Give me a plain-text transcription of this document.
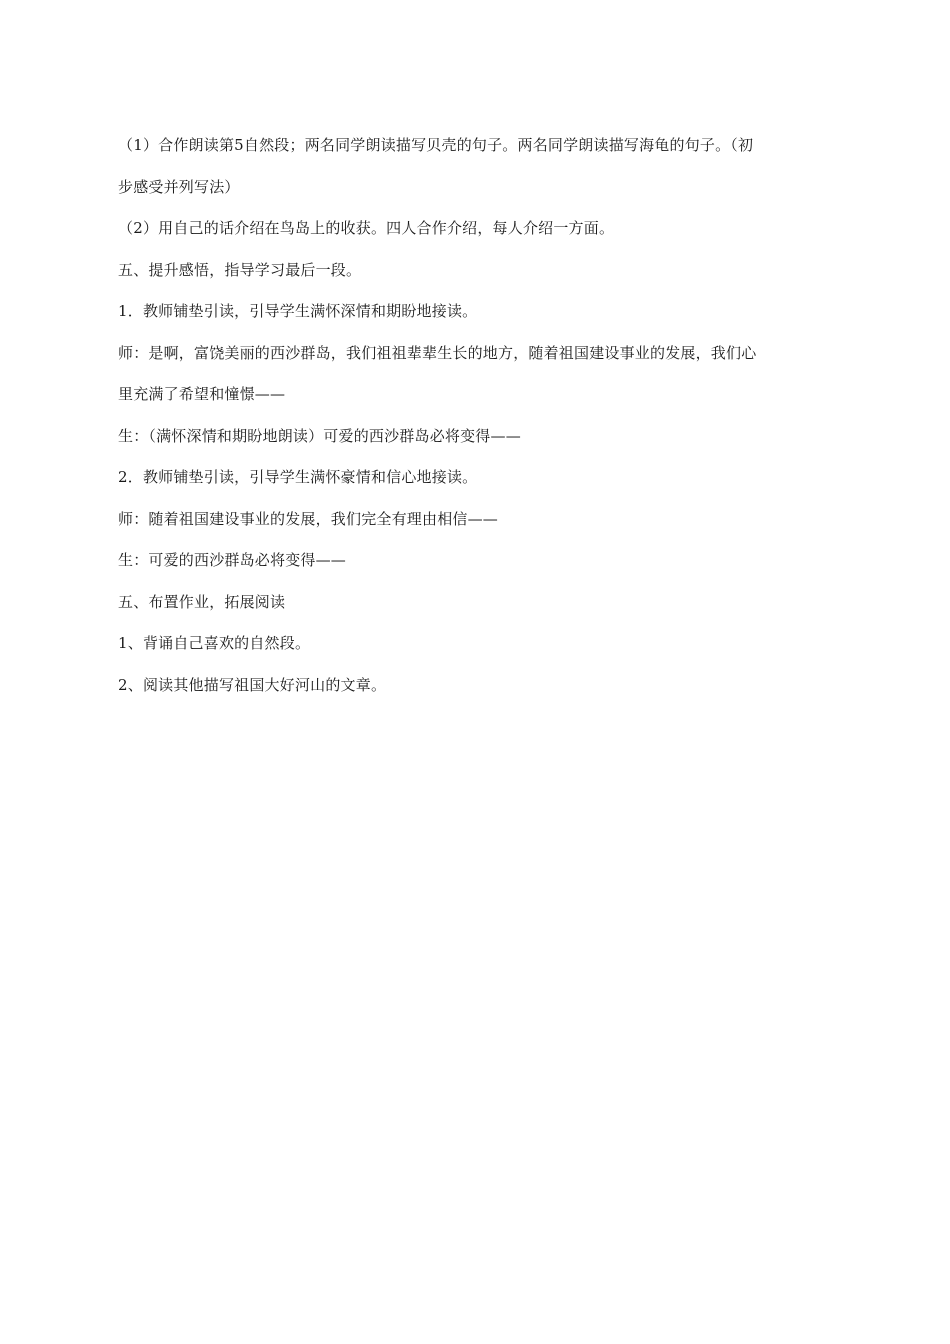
（1）合作朗读第5自然段；两名同学朗读描写贝壳的句子。两名同学朗读描写海龟的句子。（初
步感受并列写法）
（2）用自己的话介绍在鸟岛上的收获。四人合作介绍，每人介绍一方面。
五、提升感悟，指导学习最后一段。
1．教师铺垫引读，引导学生满怀深情和期盼地接读。
师：是啊，富饶美丽的西沙群岛，我们祖祖辈辈生长的地方，随着祖国建设事业的发展，我们心
里充满了希望和憧憬——
生：（满怀深情和期盼地朗读）可爱的西沙群岛必将变得——
2．教师铺垫引读，引导学生满怀豪情和信心地接读。
师：随着祖国建设事业的发展，我们完全有理由相信——
生：可爱的西沙群岛必将变得——
五、布置作业，拓展阅读
1、背诵自己喜欢的自然段。
2、阅读其他描写祖国大好河山的文章。
